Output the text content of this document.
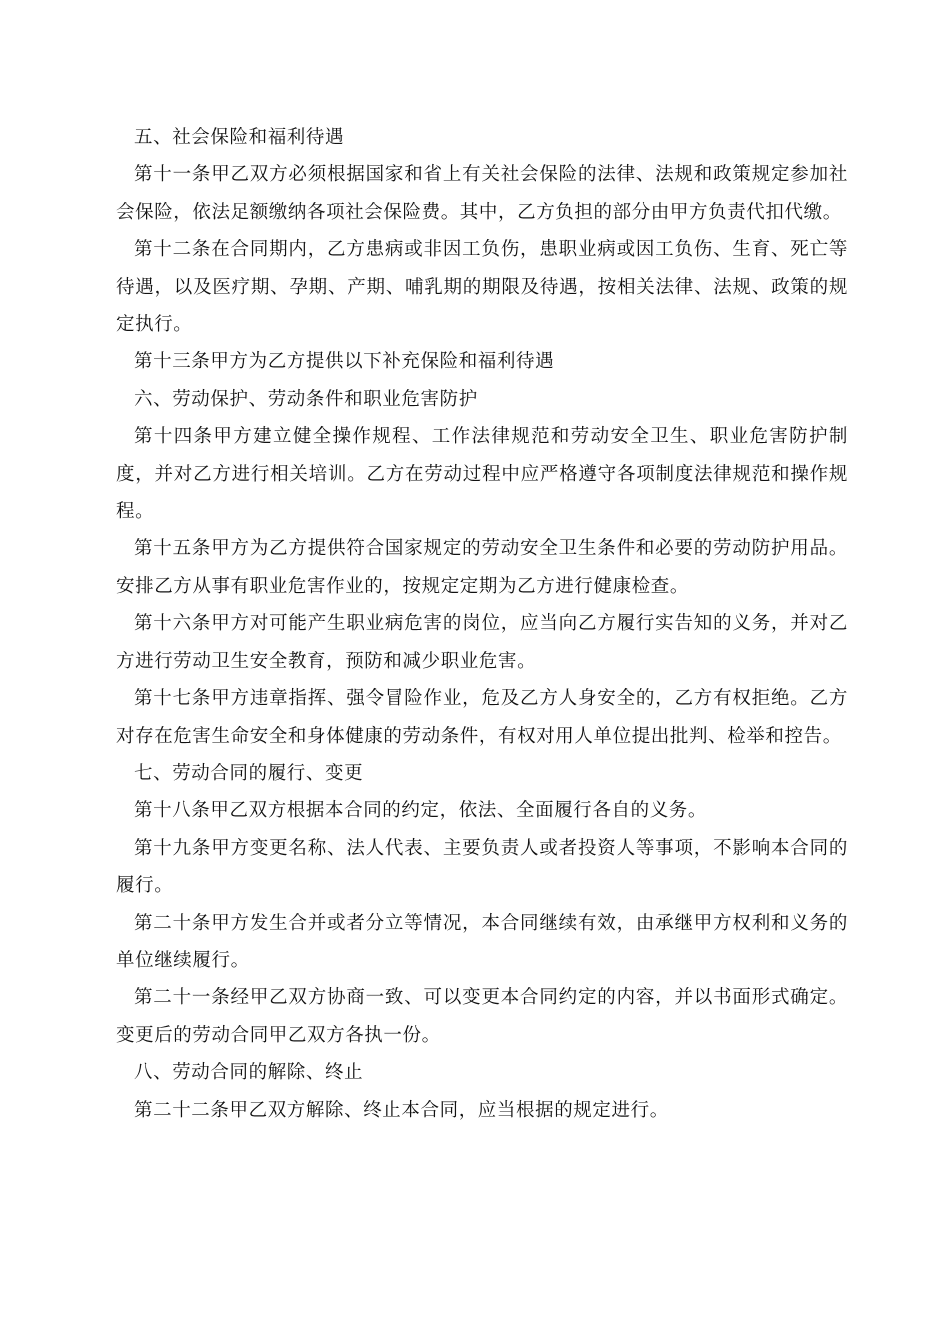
五、社会保险和福利待遇

第十一条甲乙双方必须根据国家和省上有关社会保险的法律、法规和政策规定参加社会保险，依法足额缴纳各项社会保险费。其中，乙方负担的部分由甲方负责代扣代缴。

第十二条在合同期内，乙方患病或非因工负伤，患职业病或因工负伤、生育、死亡等待遇，以及医疗期、孕期、产期、哺乳期的期限及待遇，按相关法律、法规、政策的规定执行。

第十三条甲方为乙方提供以下补充保险和福利待遇

六、劳动保护、劳动条件和职业危害防护

第十四条甲方建立健全操作规程、工作法律规范和劳动安全卫生、职业危害防护制度，并对乙方进行相关培训。乙方在劳动过程中应严格遵守各项制度法律规范和操作规程。

第十五条甲方为乙方提供符合国家规定的劳动安全卫生条件和必要的劳动防护用品。安排乙方从事有职业危害作业的，按规定定期为乙方进行健康检查。

第十六条甲方对可能产生职业病危害的岗位，应当向乙方履行实告知的义务，并对乙方进行劳动卫生安全教育，预防和减少职业危害。

第十七条甲方违章指挥、强令冒险作业，危及乙方人身安全的，乙方有权拒绝。乙方对存在危害生命安全和身体健康的劳动条件，有权对用人单位提出批判、检举和控告。

七、劳动合同的履行、变更

第十八条甲乙双方根据本合同的约定，依法、全面履行各自的义务。

第十九条甲方变更名称、法人代表、主要负责人或者投资人等事项，不影响本合同的履行。

第二十条甲方发生合并或者分立等情况，本合同继续有效，由承继甲方权利和义务的单位继续履行。

第二十一条经甲乙双方协商一致、可以变更本合同约定的内容，并以书面形式确定。变更后的劳动合同甲乙双方各执一份。

八、劳动合同的解除、终止

第二十二条甲乙双方解除、终止本合同，应当根据的规定进行。
